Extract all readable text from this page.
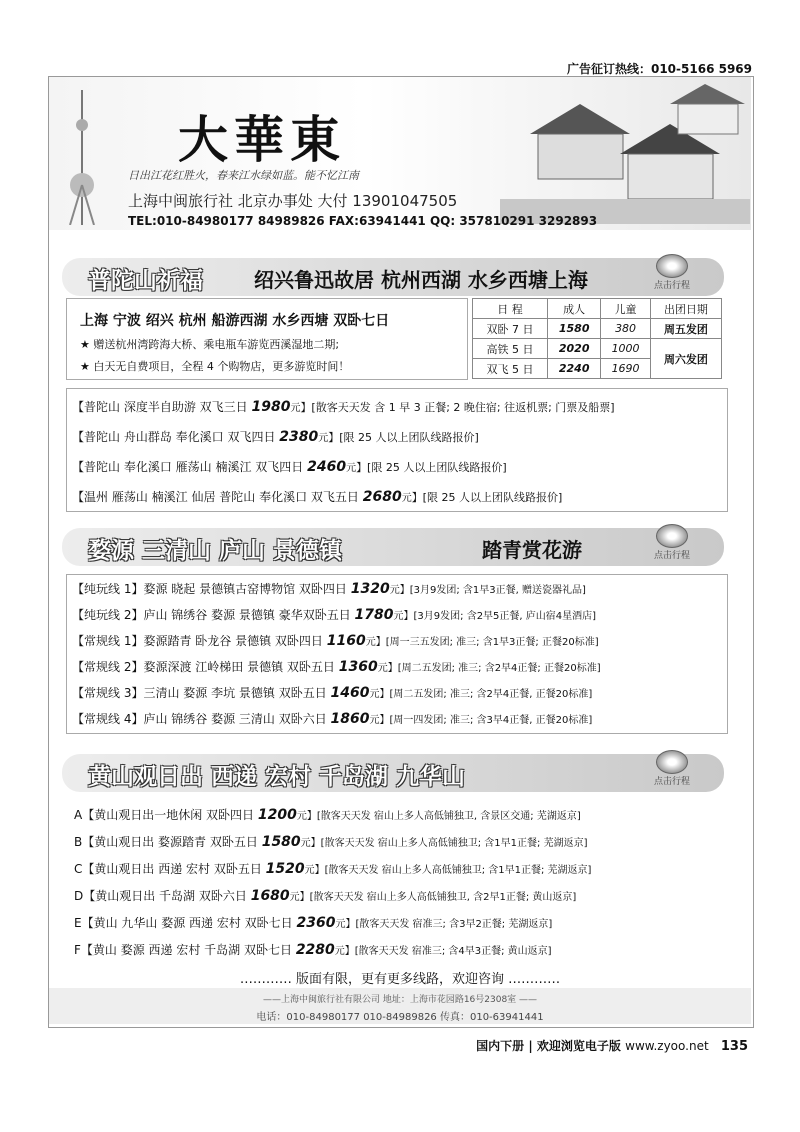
广告征订热线：010-5166 5969
大華東
日出江花红胜火，春来江水绿如蓝。能不忆江南
上海中闽旅行社 北京办事处 大付 13901047505
TEL:010-84980177 84989826 FAX:63941441 QQ: 357810291 3292893
普陀山祈福	绍兴鲁迅故居 杭州西湖 水乡西塘上海	点击行程
上海 宁波 绍兴 杭州 船游西湖 水乡西塘 双卧七日
★ 赠送杭州湾跨海大桥、乘电瓶车游览西溪湿地二期;
★ 白天无自费项目，全程 4 个购物店，更多游览时间！
日 程	成人	儿童	出团日期
双卧 7 日	1580	380	周五发团
高铁 5 日	2020	1000	周六发团
双飞 5 日	2240	1690	
【普陀山 深度半自助游 双飞三日 1980元】[散客天天发 含 1 早 3 正餐; 2 晚住宿; 往返机票; 门票及船票]
【普陀山 舟山群岛 奉化溪口 双飞四日 2380元】[限 25 人以上团队线路报价]
【普陀山 奉化溪口 雁荡山 楠溪江 双飞四日 2460元】[限 25 人以上团队线路报价]
【温州 雁荡山 楠溪江 仙居 普陀山 奉化溪口 双飞五日 2680元】[限 25 人以上团队线路报价]
婺源 三清山 庐山 景德镇	踏青赏花游	点击行程
【纯玩线 1】婺源 晓起 景德镇古窑博物馆 双卧四日 1320元】[3月9发团; 含1早3正餐, 赠送瓷器礼品]
【纯玩线 2】庐山 锦绣谷 婺源 景德镇 豪华双卧五日 1780元】[3月9发团; 含2早5正餐, 庐山宿4星酒店]
【常规线 1】婺源踏青 卧龙谷 景德镇 双卧四日 1160元】[周一三五发团; 准三; 含1早3正餐; 正餐20标准]
【常规线 2】婺源深渡 江岭梯田 景德镇 双卧五日 1360元】[周二五发团; 准三; 含2早4正餐; 正餐20标准]
【常规线 3】三清山 婺源 李坑 景德镇 双卧五日 1460元】[周二五发团; 准三; 含2早4正餐, 正餐20标准]
【常规线 4】庐山 锦绣谷 婺源 三清山 双卧六日 1860元】[周一四发团; 准三; 含3早4正餐, 正餐20标准]
黄山观日出 西递 宏村 千岛湖 九华山	点击行程
A【黄山观日出一地休闲 双卧四日 1200元】[散客天天发 宿山上多人高低铺独卫, 含景区交通; 芜湖返京]
B【黄山观日出 婺源踏青 双卧五日 1580元】[散客天天发 宿山上多人高低铺独卫; 含1早1正餐; 芜湖返京]
C【黄山观日出 西递 宏村 双卧五日 1520元】[散客天天发 宿山上多人高低铺独卫; 含1早1正餐; 芜湖返京]
D【黄山观日出 千岛湖 双卧六日 1680元】[散客天天发 宿山上多人高低铺独卫, 含2早1正餐; 黄山返京]
E【黄山 九华山 婺源 西递 宏村 双卧七日 2360元】[散客天天发 宿准三; 含3早2正餐; 芜湖返京]
F【黄山 婺源 西递 宏村 千岛湖 双卧七日 2280元】[散客天天发 宿准三; 含4早3正餐; 黄山返京]
………… 版面有限，更有更多线路，欢迎咨询 …………
——上海中闽旅行社有限公司 地址：上海市花园路16号2308室 ——
电话：010-84980177 010-84989826 传真：010-63941441
国内下册 | 欢迎浏览电子版 www.zyoo.net 135
